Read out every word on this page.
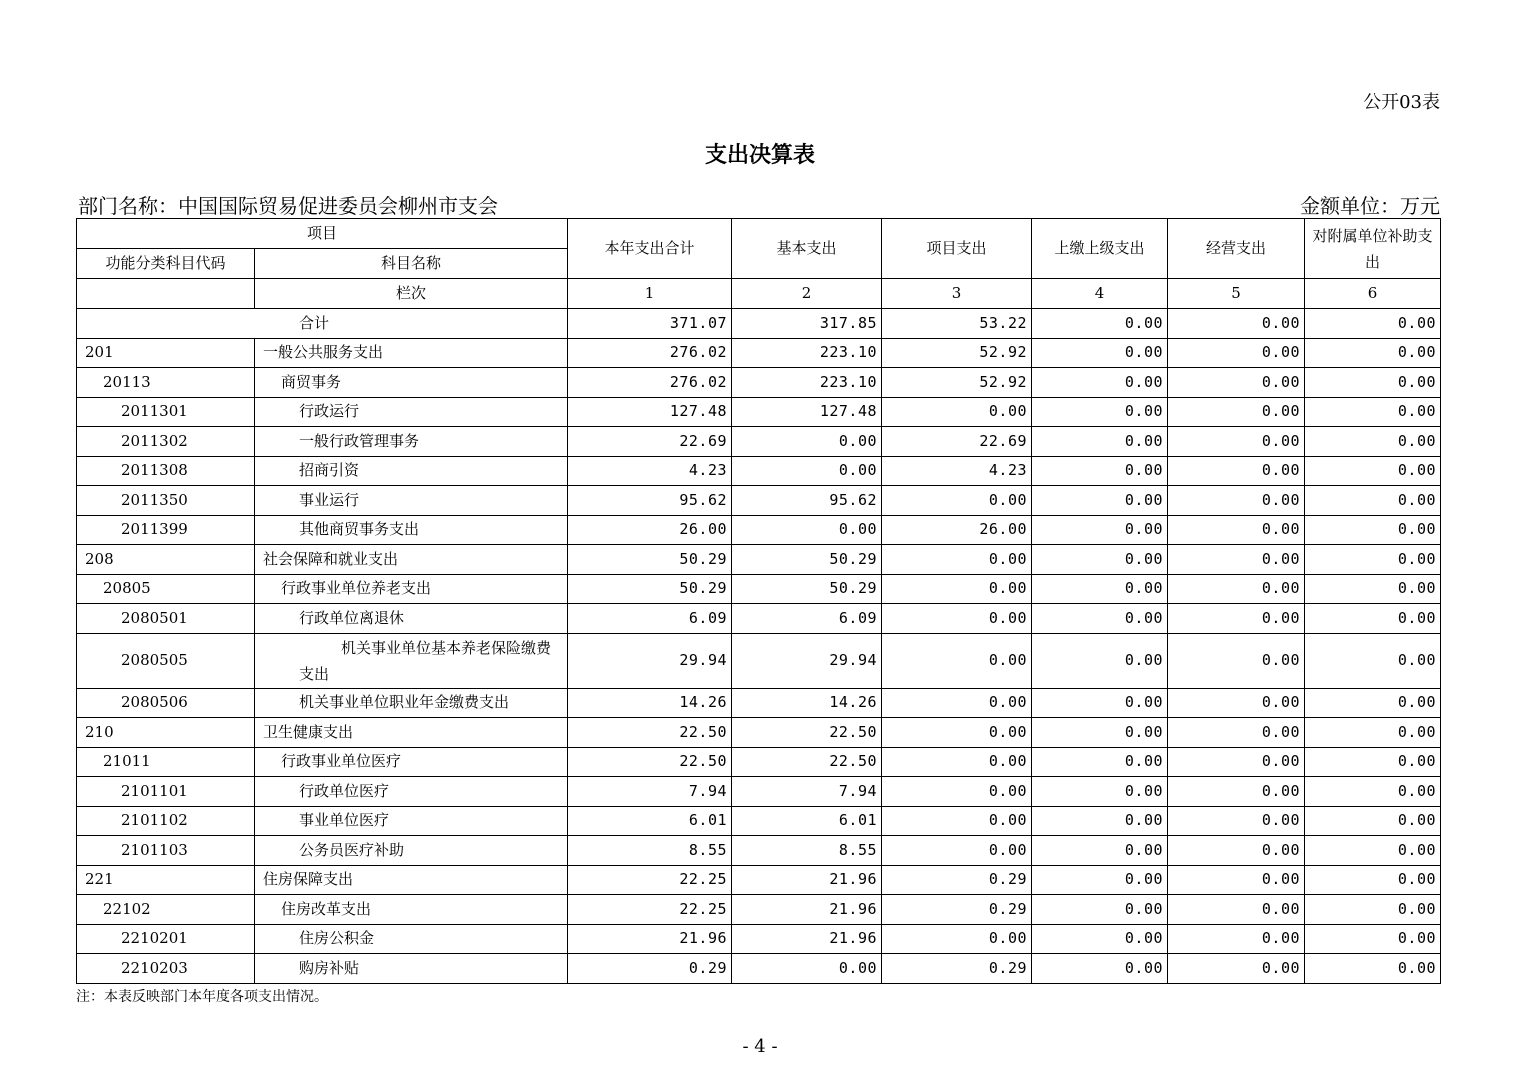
公开03表
支出决算表
部门名称：中国国际贸易促进委员会柳州市支会	金额单位：万元
项目		本年支出合计	基本支出	项目支出	上缴上级支出	经营支出	对附属单位补助支出
功能分类科目代码	科目名称						
	栏次	1	2	3	4	5	6
合计		371.07	317.85	53.22	0.00	0.00	0.00
201	一般公共服务支出	276.02	223.10	52.92	0.00	0.00	0.00
20113	商贸事务	276.02	223.10	52.92	0.00	0.00	0.00
2011301	行政运行	127.48	127.48	0.00	0.00	0.00	0.00
2011302	一般行政管理事务	22.69	0.00	22.69	0.00	0.00	0.00
2011308	招商引资	4.23	0.00	4.23	0.00	0.00	0.00
2011350	事业运行	95.62	95.62	0.00	0.00	0.00	0.00
2011399	其他商贸事务支出	26.00	0.00	26.00	0.00	0.00	0.00
208	社会保障和就业支出	50.29	50.29	0.00	0.00	0.00	0.00
20805	行政事业单位养老支出	50.29	50.29	0.00	0.00	0.00	0.00
2080501	行政单位离退休	6.09	6.09	0.00	0.00	0.00	0.00
2080505	机关事业单位基本养老保险缴费支出	29.94	29.94	0.00	0.00	0.00	0.00
2080506	机关事业单位职业年金缴费支出	14.26	14.26	0.00	0.00	0.00	0.00
210	卫生健康支出	22.50	22.50	0.00	0.00	0.00	0.00
21011	行政事业单位医疗	22.50	22.50	0.00	0.00	0.00	0.00
2101101	行政单位医疗	7.94	7.94	0.00	0.00	0.00	0.00
2101102	事业单位医疗	6.01	6.01	0.00	0.00	0.00	0.00
2101103	公务员医疗补助	8.55	8.55	0.00	0.00	0.00	0.00
221	住房保障支出	22.25	21.96	0.29	0.00	0.00	0.00
22102	住房改革支出	22.25	21.96	0.29	0.00	0.00	0.00
2210201	住房公积金	21.96	21.96	0.00	0.00	0.00	0.00
2210203	购房补贴	0.29	0.00	0.29	0.00	0.00	0.00
注：本表反映部门本年度各项支出情况。
- 4 -
